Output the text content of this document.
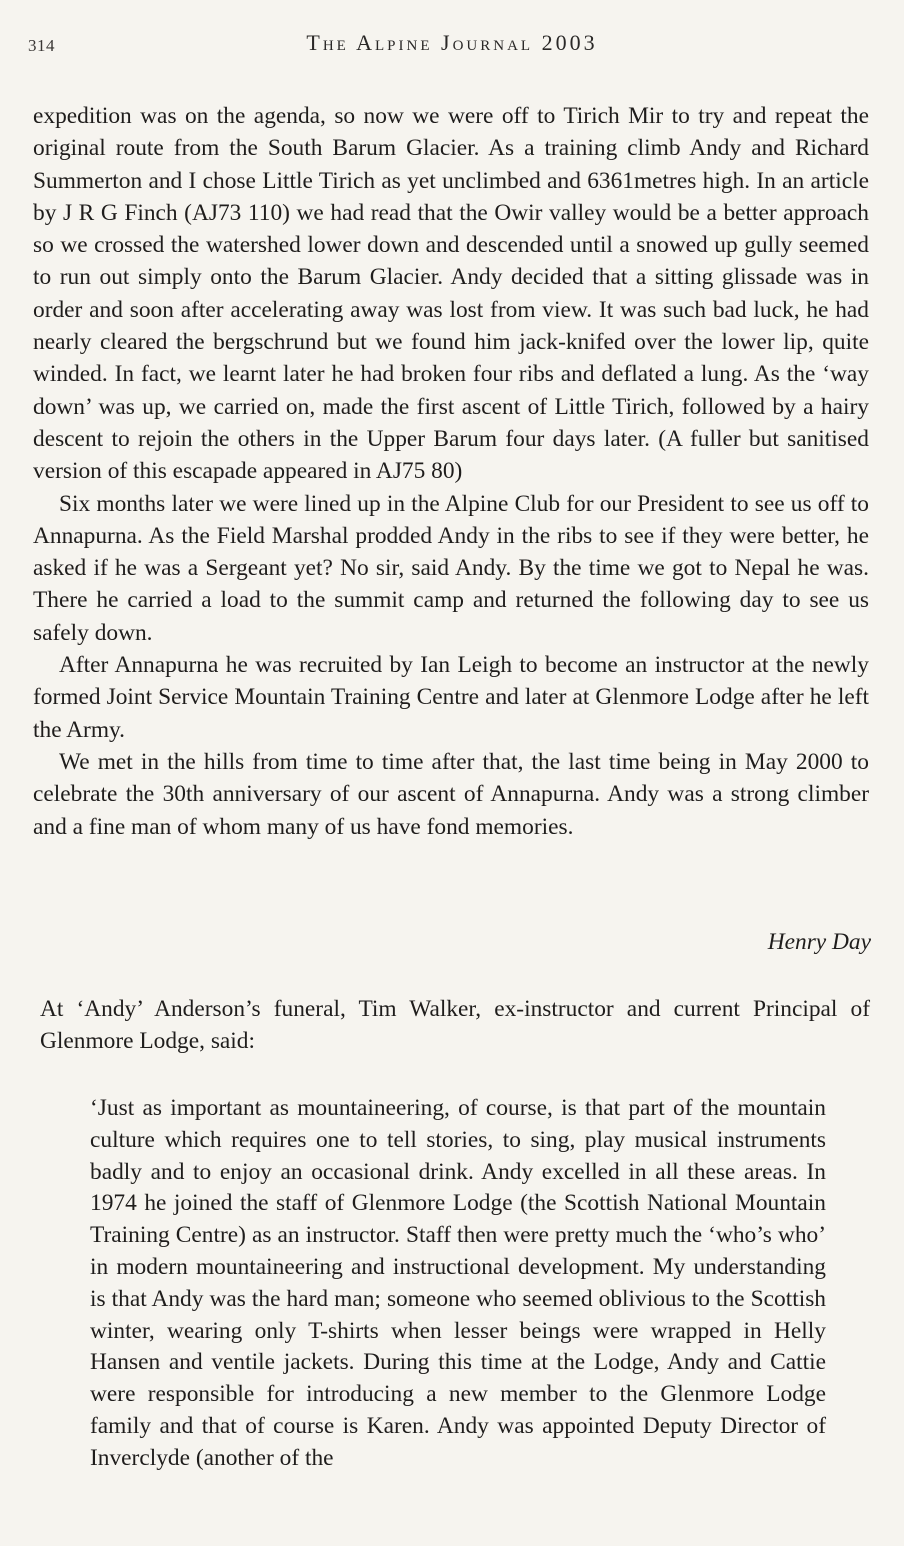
314	The Alpine Journal 2003

expedition was on the agenda, so now we were off to Tirich Mir to try and repeat the original route from the South Barum Glacier. As a training climb Andy and Richard Summerton and I chose Little Tirich as yet unclimbed and 6361metres high. In an article by J R G Finch (AJ73 110) we had read that the Owir valley would be a better approach so we crossed the watershed lower down and descended until a snowed up gully seemed to run out simply onto the Barum Glacier. Andy decided that a sitting glissade was in order and soon after accelerating away was lost from view. It was such bad luck, he had nearly cleared the bergschrund but we found him jack-knifed over the lower lip, quite winded. In fact, we learnt later he had broken four ribs and deflated a lung. As the ‘way down’ was up, we carried on, made the first ascent of Little Tirich, followed by a hairy descent to rejoin the others in the Upper Barum four days later. (A fuller but sanitised version of this escapade appeared in AJ75 80)

Six months later we were lined up in the Alpine Club for our President to see us off to Annapurna. As the Field Marshal prodded Andy in the ribs to see if they were better, he asked if he was a Sergeant yet? No sir, said Andy. By the time we got to Nepal he was. There he carried a load to the summit camp and returned the following day to see us safely down.

After Annapurna he was recruited by Ian Leigh to become an instructor at the newly formed Joint Service Mountain Training Centre and later at Glenmore Lodge after he left the Army.

We met in the hills from time to time after that, the last time being in May 2000 to celebrate the 30th anniversary of our ascent of Annapurna. Andy was a strong climber and a fine man of whom many of us have fond memories.

Henry Day

At ‘Andy’ Anderson’s funeral, Tim Walker, ex-instructor and current Principal of Glenmore Lodge, said:

‘Just as important as mountaineering, of course, is that part of the mountain culture which requires one to tell stories, to sing, play musical instruments badly and to enjoy an occasional drink. Andy excelled in all these areas. In 1974 he joined the staff of Glenmore Lodge (the Scottish National Mountain Training Centre) as an instructor. Staff then were pretty much the ‘who’s who’ in modern mountaineering and instructional development. My understanding is that Andy was the hard man; someone who seemed oblivious to the Scottish winter, wearing only T-shirts when lesser beings were wrapped in Helly Hansen and ventile jackets. During this time at the Lodge, Andy and Cattie were responsible for introducing a new member to the Glenmore Lodge family and that of course is Karen. Andy was appointed Deputy Director of Inverclyde (another of the
